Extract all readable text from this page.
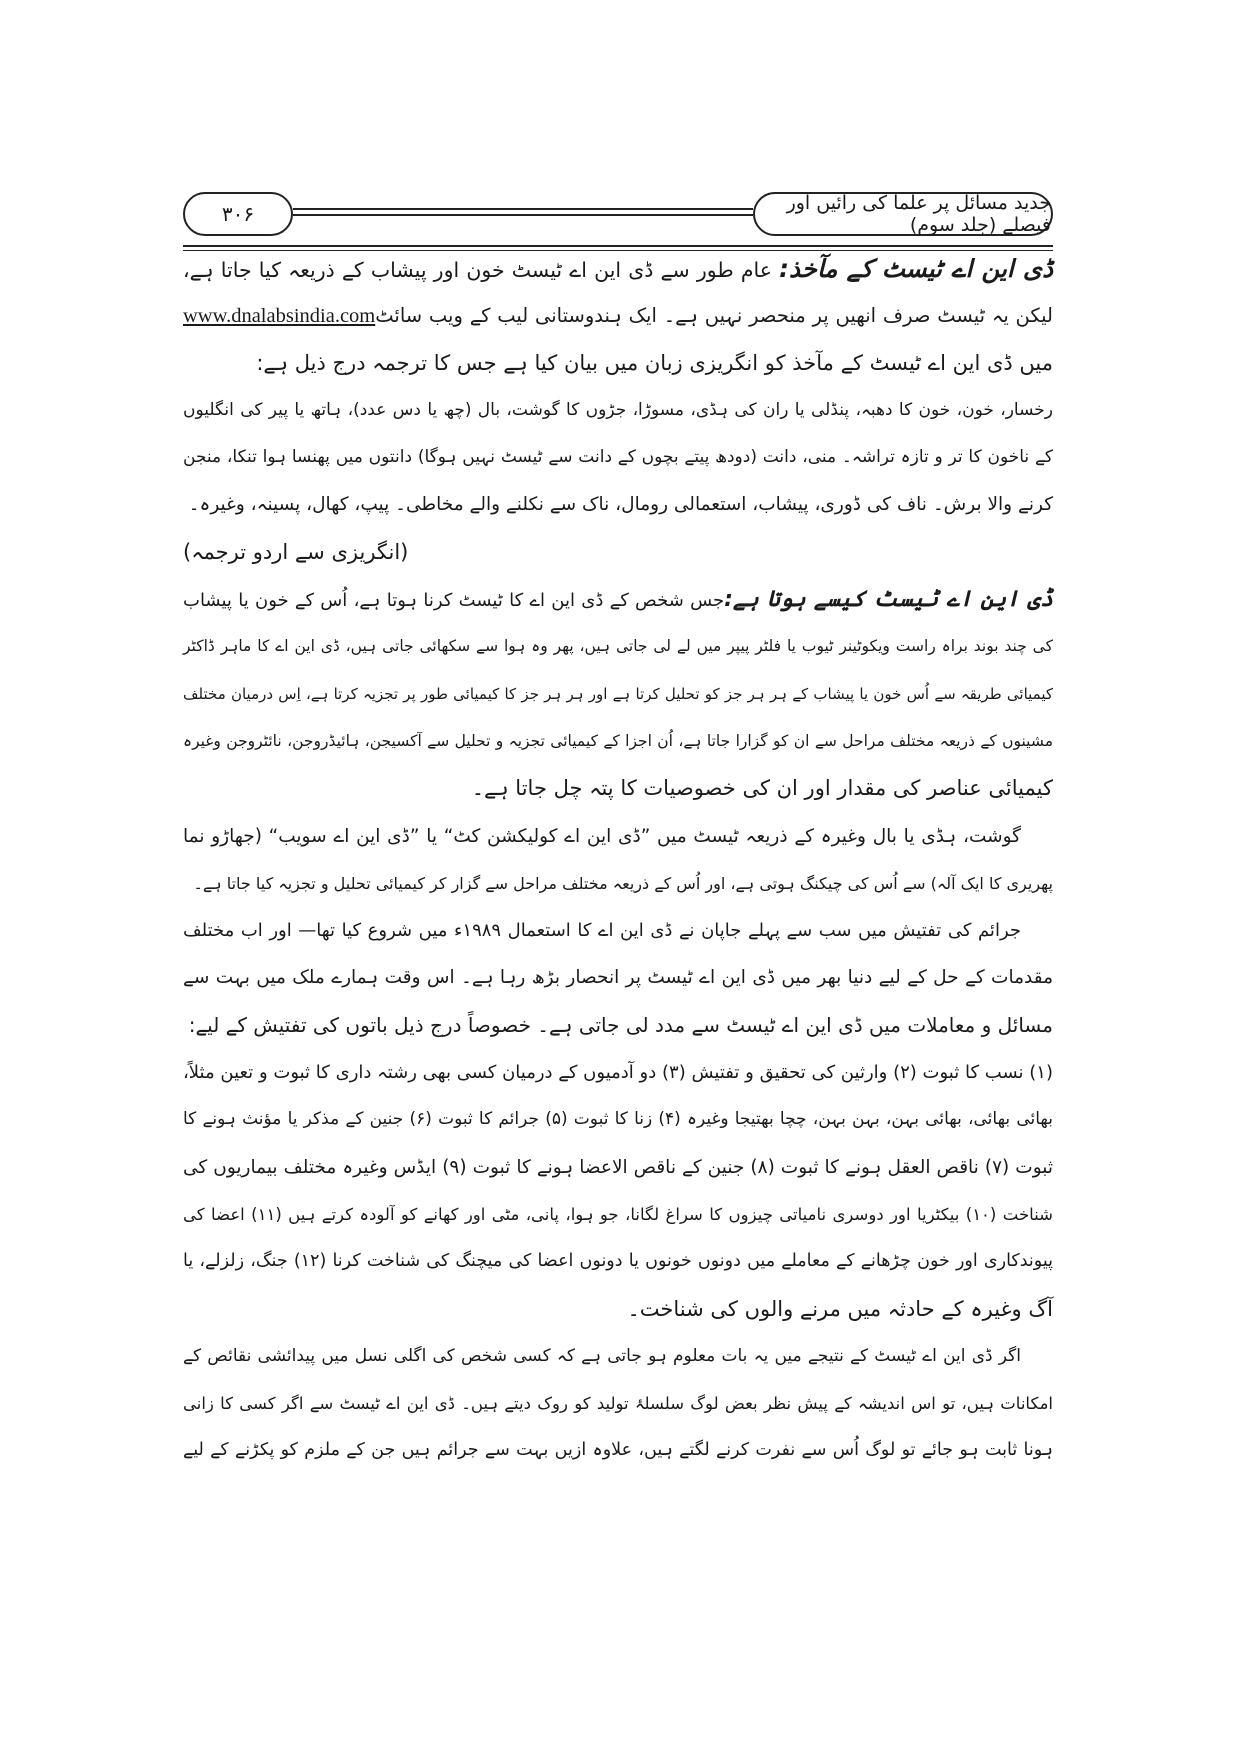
۳۰۶	جدید مسائل پر علما کی رائیں اور فیصلے (جلد سوم)
ڈی این اے ٹیسٹ کے مآخذ: عام طور سے ڈی این اے ٹیسٹ خون اور پیشاب کے ذریعہ کیا جاتا ہے،
لیکن یہ ٹیسٹ صرف انھیں پر منحصر نہیں ہے۔ ایک ہندوستانی لیب کے ویب سائٹwww.dnalabsindia.com
میں ڈی این اے ٹیسٹ کے مآخذ کو انگریزی زبان میں بیان کیا ہے جس کا ترجمہ درج ذیل ہے:
رخسار، خون، خون کا دھبہ، پنڈلی یا ران کی ہڈی، مسوڑا، جڑوں کا گوشت، بال (چھ یا دس عدد)، ہاتھ یا پیر کی انگلیوں
کے ناخون کا تر و تازہ تراشہ۔ منی، دانت (دودھ پیتے بچوں کے دانت سے ٹیسٹ نہیں ہوگا) دانتوں میں پھنسا ہوا تنکا، منجن
کرنے والا برش۔ ناف کی ڈوری، پیشاب، استعمالی رومال، ناک سے نکلنے والے مخاطی۔ پیپ، کھال، پسینہ، وغیرہ۔
(انگریزی سے اردو ترجمہ)
ڈی این اے ٹیسٹ کیسے ہوتا ہے:جس شخص کے ڈی این اے کا ٹیسٹ کرنا ہوتا ہے، اُس کے خون یا پیشاب
کی چند بوند براہ راست ویکوٹینر ٹیوب یا فلٹر پیپر میں لے لی جاتی ہیں، پھر وہ ہوا سے سکھائی جاتی ہیں، ڈی این اے کا ماہر ڈاکٹر
کیمیائی طریقہ سے اُس خون یا پیشاب کے ہر ہر جز کو تحلیل کرتا ہے اور ہر ہر جز کا کیمیائی طور پر تجزیہ کرتا ہے، اِس درمیان مختلف
مشینوں کے ذریعہ مختلف مراحل سے ان کو گزارا جاتا ہے، اُن اجزا کے کیمیائی تجزیہ و تحلیل سے آکسیجن، ہائیڈروجن، نائٹروجن وغیرہ
کیمیائی عناصر کی مقدار اور ان کی خصوصیات کا پتہ چل جاتا ہے۔
گوشت، ہڈی یا بال وغیرہ کے ذریعہ ٹیسٹ میں ”ڈی این اے کولیکشن کٹ“ یا ”ڈی این اے سویب“ (جھاڑو نما
پھریری کا ایک آلہ) سے اُس کی چیکنگ ہوتی ہے، اور اُس کے ذریعہ مختلف مراحل سے گزار کر کیمیائی تحلیل و تجزیہ کیا جاتا ہے۔
جرائم کی تفتیش میں سب سے پہلے جاپان نے ڈی این اے کا استعمال ۱۹۸۹ء میں شروع کیا تھا— اور اب مختلف
مقدمات کے حل کے لیے دنیا بھر میں ڈی این اے ٹیسٹ پر انحصار بڑھ رہا ہے۔ اس وقت ہمارے ملک میں بہت سے
مسائل و معاملات میں ڈی این اے ٹیسٹ سے مدد لی جاتی ہے۔ خصوصاً درج ذیل باتوں کی تفتیش کے لیے:
(۱) نسب کا ثبوت (۲) وارثین کی تحقیق و تفتیش (۳) دو آدمیوں کے درمیان کسی بھی رشتہ داری کا ثبوت و تعین مثلاً،
بھائی بھائی، بھائی بہن، بہن بہن، چچا بھتیجا وغیرہ (۴) زنا کا ثبوت (۵) جرائم کا ثبوت (۶) جنین کے مذکر یا مؤنث ہونے کا
ثبوت (۷) ناقص العقل ہونے کا ثبوت (۸) جنین کے ناقص الاعضا ہونے کا ثبوت (۹) ایڈس وغیرہ مختلف بیماریوں کی
شناخت (۱۰) بیکٹریا اور دوسری نامیاتی چیزوں کا سراغ لگانا، جو ہوا، پانی، مٹی اور کھانے کو آلودہ کرتے ہیں (۱۱) اعضا کی
پیوندکاری اور خون چڑھانے کے معاملے میں دونوں خونوں یا دونوں اعضا کی میچنگ کی شناخت کرنا (۱۲) جنگ، زلزلے، یا
آگ وغیرہ کے حادثہ میں مرنے والوں کی شناخت۔
اگر ڈی این اے ٹیسٹ کے نتیجے میں یہ بات معلوم ہو جاتی ہے کہ کسی شخص کی اگلی نسل میں پیدائشی نقائص کے
امکانات ہیں، تو اس اندیشہ کے پیش نظر بعض لوگ سلسلۂ تولید کو روک دیتے ہیں۔ ڈی این اے ٹیسٹ سے اگر کسی کا زانی
ہونا ثابت ہو جائے تو لوگ اُس سے نفرت کرنے لگتے ہیں، علاوہ ازیں بہت سے جرائم ہیں جن کے ملزم کو پکڑنے کے لیے
